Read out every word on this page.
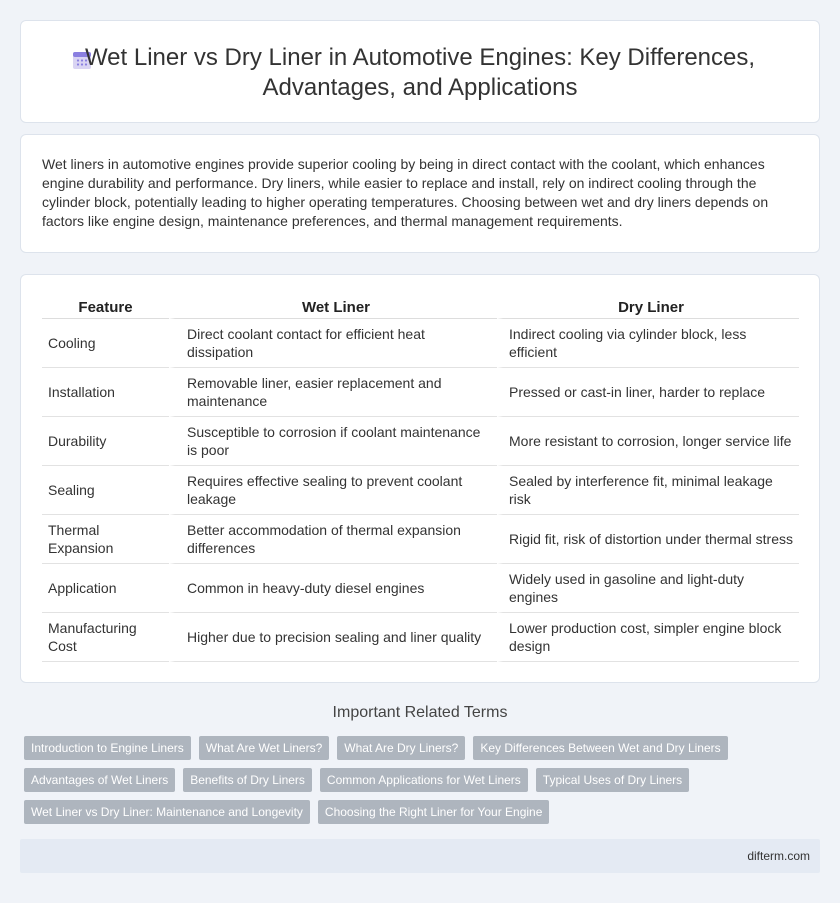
Wet Liner vs Dry Liner in Automotive Engines: Key Differences,
Advantages, and Applications

Wet liners in automotive engines provide superior cooling by being in direct contact with the coolant, which enhances engine durability and performance. Dry liners, while easier to replace and install, rely on indirect cooling through the cylinder block, potentially leading to higher operating temperatures. Choosing between wet and dry liners depends on factors like engine design, maintenance preferences, and thermal management requirements.

Feature	Wet Liner	Dry Liner
Cooling	Direct coolant contact for efficient heat dissipation	Indirect cooling via cylinder block, less efficient
Installation	Removable liner, easier replacement and maintenance	Pressed or cast-in liner, harder to replace
Durability	Susceptible to corrosion if coolant maintenance is poor	More resistant to corrosion, longer service life
Sealing	Requires effective sealing to prevent coolant leakage	Sealed by interference fit, minimal leakage risk
Thermal Expansion	Better accommodation of thermal expansion differences	Rigid fit, risk of distortion under thermal stress
Application	Common in heavy-duty diesel engines	Widely used in gasoline and light-duty engines
Manufacturing Cost	Higher due to precision sealing and liner quality	Lower production cost, simpler engine block design
Important Related Terms
Introduction to Engine Liners	What Are Wet Liners?	What Are Dry Liners?	Key Differences Between Wet and Dry Liners
Advantages of Wet Liners	Benefits of Dry Liners	Common Applications for Wet Liners	Typical Uses of Dry Liners
Wet Liner vs Dry Liner: Maintenance and Longevity	Choosing the Right Liner for Your Engine
difterm.com
